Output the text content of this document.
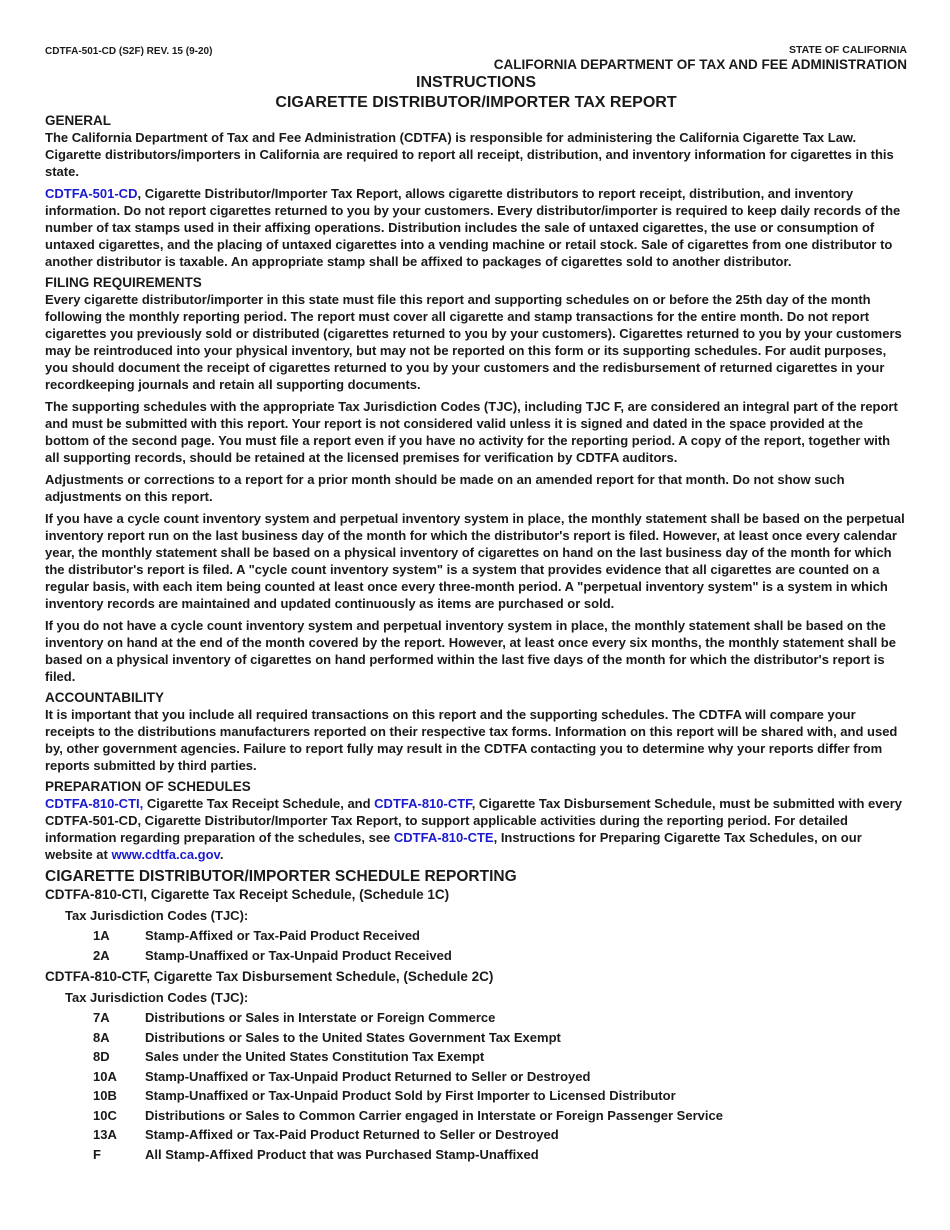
CDTFA-501-CD (S2F) REV. 15 (9-20)	STATE OF CALIFORNIA
CALIFORNIA DEPARTMENT OF TAX AND FEE ADMINISTRATION
INSTRUCTIONS
CIGARETTE DISTRIBUTOR/IMPORTER TAX REPORT
GENERAL

The California Department of Tax and Fee Administration (CDTFA) is responsible for administering the California Cigarette Tax Law. Cigarette distributors/importers in California are required to report all receipt, distribution, and inventory information for cigarettes in this state.

CDTFA-501-CD, Cigarette Distributor/Importer Tax Report, allows cigarette distributors to report receipt, distribution, and inventory information. Do not report cigarettes returned to you by your customers. Every distributor/importer is required to keep daily records of the number of tax stamps used in their affixing operations. Distribution includes the sale of untaxed cigarettes, the use or consumption of untaxed cigarettes, and the placing of untaxed cigarettes into a vending machine or retail stock. Sale of cigarettes from one distributor to another distributor is taxable. An appropriate stamp shall be affixed to packages of cigarettes sold to another distributor.

FILING REQUIREMENTS

Every cigarette distributor/importer in this state must file this report and supporting schedules on or before the 25th day of the month following the monthly reporting period. The report must cover all cigarette and stamp transactions for the entire month. Do not report cigarettes you previously sold or distributed (cigarettes returned to you by your customers). Cigarettes returned to you by your customers may be reintroduced into your physical inventory, but may not be reported on this form or its supporting schedules. For audit purposes, you should document the receipt of cigarettes returned to you by your customers and the redisbursement of returned cigarettes in your recordkeeping journals and retain all supporting documents.

The supporting schedules with the appropriate Tax Jurisdiction Codes (TJC), including TJC F, are considered an integral part of the report and must be submitted with this report. Your report is not considered valid unless it is signed and dated in the space provided at the bottom of the second page. You must file a report even if you have no activity for the reporting period. A copy of the report, together with all supporting records, should be retained at the licensed premises for verification by CDTFA auditors.

Adjustments or corrections to a report for a prior month should be made on an amended report for that month. Do not show such adjustments on this report.

If you have a cycle count inventory system and perpetual inventory system in place, the monthly statement shall be based on the perpetual inventory report run on the last business day of the month for which the distributor's report is filed. However, at least once every calendar year, the monthly statement shall be based on a physical inventory of cigarettes on hand on the last business day of the month for which the distributor's report is filed. A "cycle count inventory system" is a system that provides evidence that all cigarettes are counted on a regular basis, with each item being counted at least once every three-month period. A "perpetual inventory system" is a system in which inventory records are maintained and updated continuously as items are purchased or sold.

If you do not have a cycle count inventory system and perpetual inventory system in place, the monthly statement shall be based on the inventory on hand at the end of the month covered by the report. However, at least once every six months, the monthly statement shall be based on a physical inventory of cigarettes on hand performed within the last five days of the month for which the distributor's report is filed.

ACCOUNTABILITY

It is important that you include all required transactions on this report and the supporting schedules. The CDTFA will compare your receipts to the distributions manufacturers reported on their respective tax forms. Information on this report will be shared with, and used by, other government agencies. Failure to report fully may result in the CDTFA contacting you to determine why your reports differ from reports submitted by third parties.

PREPARATION OF SCHEDULES

CDTFA-810-CTI, Cigarette Tax Receipt Schedule, and CDTFA-810-CTF, Cigarette Tax Disbursement Schedule, must be submitted with every CDTFA-501-CD, Cigarette Distributor/Importer Tax Report, to support applicable activities during the reporting period. For detailed information regarding preparation of the schedules, see CDTFA-810-CTE, Instructions for Preparing Cigarette Tax Schedules, on our website at www.cdtfa.ca.gov.

CIGARETTE DISTRIBUTOR/IMPORTER SCHEDULE REPORTING
CDTFA-810-CTI, Cigarette Tax Receipt Schedule, (Schedule 1C)
Tax Jurisdiction Codes (TJC):
1A	Stamp-Affixed or Tax-Paid Product Received
2A	Stamp-Unaffixed or Tax-Unpaid Product Received
CDTFA-810-CTF, Cigarette Tax Disbursement Schedule, (Schedule 2C)
Tax Jurisdiction Codes (TJC):
7A	Distributions or Sales in Interstate or Foreign Commerce
8A	Distributions or Sales to the United States Government Tax Exempt
8D	Sales under the United States Constitution Tax Exempt
10A	Stamp-Unaffixed or Tax-Unpaid Product Returned to Seller or Destroyed
10B	Stamp-Unaffixed or Tax-Unpaid Product Sold by First Importer to Licensed Distributor
10C	Distributions or Sales to Common Carrier engaged in Interstate or Foreign Passenger Service
13A	Stamp-Affixed or Tax-Paid Product Returned to Seller or Destroyed
F	All Stamp-Affixed Product that was Purchased Stamp-Unaffixed
